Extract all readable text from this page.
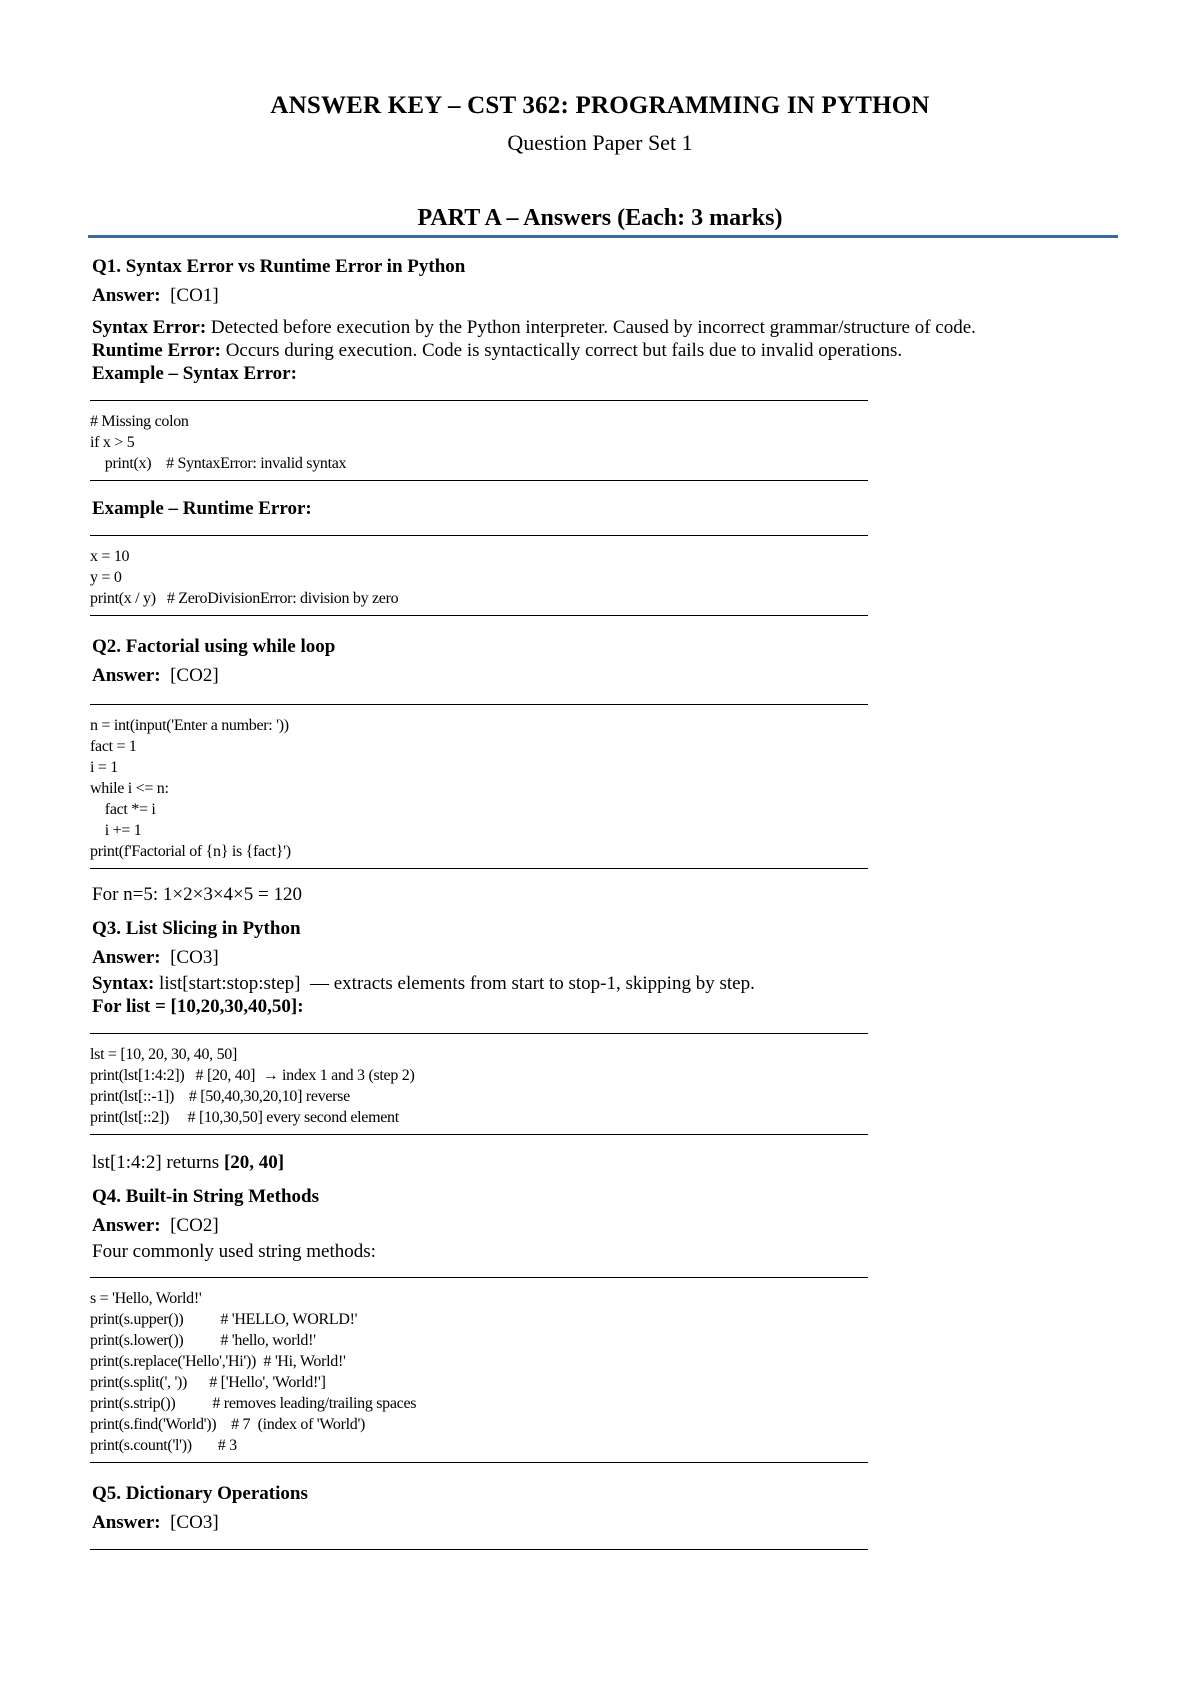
ANSWER KEY – CST 362: PROGRAMMING IN PYTHON
Question Paper Set 1
PART A – Answers (Each: 3 marks)

Q1. Syntax Error vs Runtime Error in Python

Answer: [CO1]

Syntax Error: Detected before execution by the Python interpreter. Caused by incorrect grammar/structure of code.

Runtime Error: Occurs during execution. Code is syntactically correct but fails due to invalid operations.

Example – Syntax Error:

# Missing colon

if x > 5

print(x)    # SyntaxError: invalid syntax

Example – Runtime Error:

x = 10

y = 0

print(x / y)   # ZeroDivisionError: division by zero

Q2. Factorial using while loop

Answer: [CO2]

n = int(input('Enter a number: '))

fact = 1

i = 1

while i <= n:

fact *= i

i += 1

print(f'Factorial of {n} is {fact}')

For n=5: 1×2×3×4×5 = 120

Q3. List Slicing in Python

Answer: [CO3]

Syntax: list[start:stop:step]  — extracts elements from start to stop-1, skipping by step.

For list = [10,20,30,40,50]:

lst = [10, 20, 30, 40, 50]

print(lst[1:4:2])   # [20, 40]  → index 1 and 3 (step 2)

print(lst[::-1])    # [50,40,30,20,10] reverse

print(lst[::2])     # [10,30,50] every second element

lst[1:4:2] returns [20, 40]

Q4. Built-in String Methods

Answer: [CO2]

Four commonly used string methods:

s = 'Hello, World!'

print(s.upper())          # 'HELLO, WORLD!'

print(s.lower())          # 'hello, world!'

print(s.replace('Hello','Hi'))  # 'Hi, World!'

print(s.split(', '))      # ['Hello', 'World!']

print(s.strip())          # removes leading/trailing spaces

print(s.find('World'))    # 7  (index of 'World')

print(s.count('l'))       # 3

Q5. Dictionary Operations

Answer: [CO3]
